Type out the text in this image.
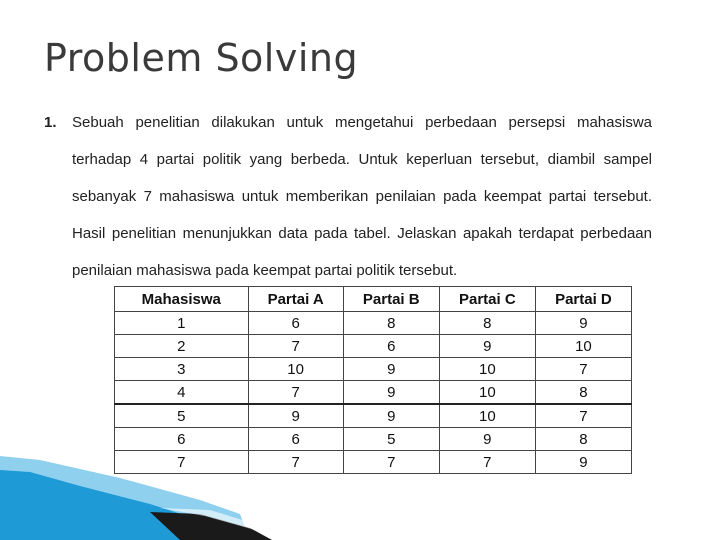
Problem Solving
1. Sebuah penelitian dilakukan untuk mengetahui perbedaan persepsi mahasiswa terhadap 4 partai politik yang berbeda. Untuk keperluan tersebut, diambil sampel sebanyak 7 mahasiswa untuk memberikan penilaian pada keempat partai tersebut. Hasil penelitian menunjukkan data pada tabel. Jelaskan apakah terdapat perbedaan penilaian mahasiswa pada keempat partai politik tersebut.
Mahasiswa	Partai A	Partai B	Partai C	Partai D
1	6	8	8	9
2	7	6	9	10
3	10	9	10	7
4	7	9	10	8
5	9	9	10	7
6	6	5	9	8
7	7	7	7	9
